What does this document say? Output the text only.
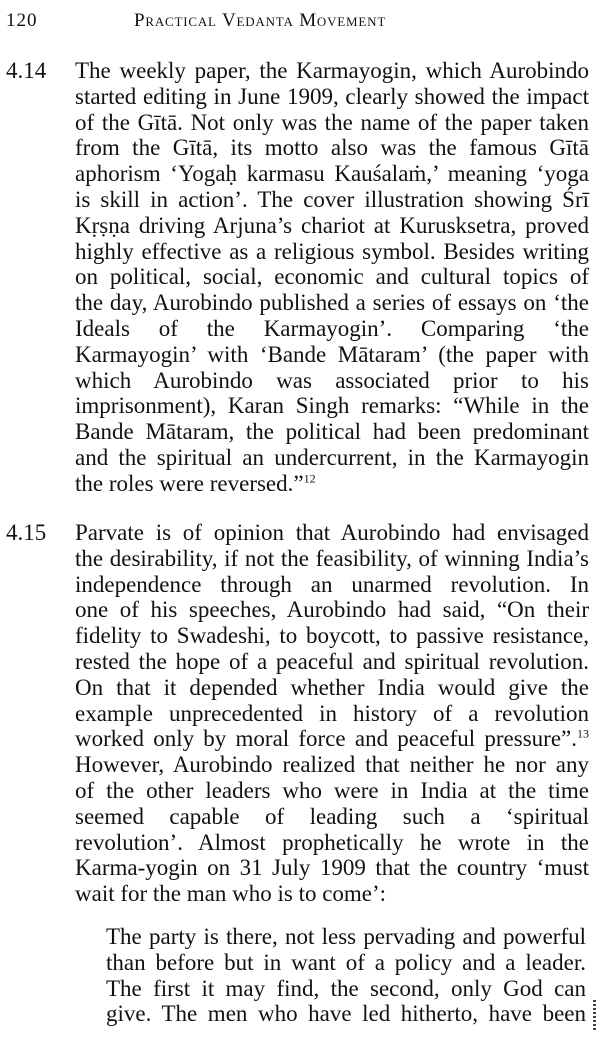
120	Practical Vedanta Movement
4.14 The weekly paper, the Karmayogin, which Aurobindo
started editing in June 1909, clearly showed the impact
of the Gītā. Not only was the name of the paper taken
from the Gītā, its motto also was the famous Gītā
aphorism ‘Yogaḥ karmasu Kauśalaṁ,’ meaning ‘yoga
is skill in action’. The cover illustration showing Śrī
Kṛṣṇa driving Arjuna’s chariot at Kurusksetra, proved
highly effective as a religious symbol. Besides writing
on political, social, economic and cultural topics of
the day, Aurobindo published a series of essays on ‘the
Ideals of the Karmayogin’. Comparing ‘the
Karmayogin’ with ‘Bande Mātaram’ (the paper with
which Aurobindo was associated prior to his
imprisonment), Karan Singh remarks: “While in the
Bande Mātaram, the political had been predominant
and the spiritual an undercurrent, in the Karmayogin
the roles were reversed.”$^{12}$
4.15 Parvate is of opinion that Aurobindo had envisaged
the desirability, if not the feasibility, of winning India’s
independence through an unarmed revolution. In
one of his speeches, Aurobindo had said, “On their
fidelity to Swadeshi, to boycott, to passive resistance,
rested the hope of a peaceful and spiritual revolution.
On that it depended whether India would give the
example unprecedented in history of a revolution
worked only by moral force and peaceful pressure”.$^{13}$
However, Aurobindo realized that neither he nor any
of the other leaders who were in India at the time
seemed capable of leading such a ‘spiritual
revolution’. Almost prophetically he wrote in the
Karma-yogin on 31 July 1909 that the country ‘must
wait for the man who is to come’:
The party is there, not less pervading and powerful
than before but in want of a policy and a leader.
The first it may find, the second, only God can
give. The men who have led hitherto, have been
